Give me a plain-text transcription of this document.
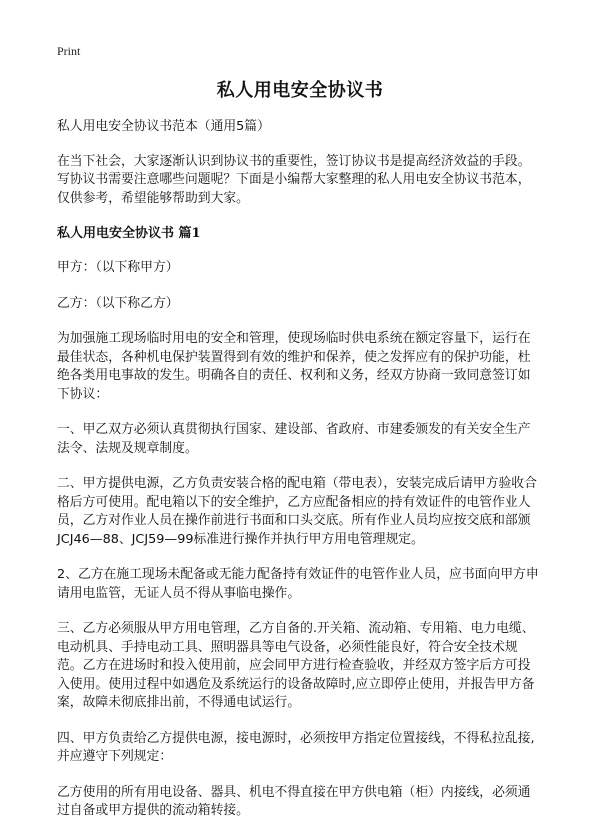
Print
私人用电安全协议书

私人用电安全协议书范本（通用5篇）

在当下社会，大家逐渐认识到协议书的重要性，签订协议书是提高经济效益的手段。写协议书需要注意哪些问题呢？下面是小编帮大家整理的私人用电安全协议书范本，仅供参考，希望能够帮助到大家。

私人用电安全协议书 篇1

甲方：（以下称甲方）

乙方：（以下称乙方）

为加强施工现场临时用电的安全和管理，使现场临时供电系统在额定容量下，运行在最佳状态，各种机电保护装置得到有效的维护和保养，使之发挥应有的保护功能，杜绝各类用电事故的发生。明确各自的责任、权利和义务，经双方协商一致同意签订如下协议：

一、甲乙双方必须认真贯彻执行国家、建设部、省政府、市建委颁发的有关安全生产法令、法规及规章制度。

二、甲方提供电源，乙方负责安装合格的配电箱（带电表），安装完成后请甲方验收合格后方可使用。配电箱以下的安全维护，乙方应配备相应的持有效证件的电管作业人员，乙方对作业人员在操作前进行书面和口头交底。所有作业人员均应按交底和部颁JCJ46—88、JCJ59—99标准进行操作并执行甲方用电管理规定。

2、乙方在施工现场未配备或无能力配备持有效证件的电管作业人员，应书面向甲方申请用电监管，无证人员不得从事临电操作。

三、乙方必须服从甲方用电管理，乙方自备的.开关箱、流动箱、专用箱、电力电缆、电动机具、手持电动工具、照明器具等电气设备，必须性能良好，符合安全技术规范。乙方在进场时和投入使用前，应会同甲方进行检查验收，并经双方签字后方可投入使用。使用过程中如遇危及系统运行的设备故障时,应立即停止使用，并报告甲方备案，故障未彻底排出前，不得通电试运行。

四、甲方负责给乙方提供电源，接电源时，必须按甲方指定位置接线，不得私拉乱接,并应遵守下列规定：

乙方使用的所有用电设备、器具、机电不得直接在甲方供电箱（柜）内接线，必须通过自备或甲方提供的流动箱转接。
